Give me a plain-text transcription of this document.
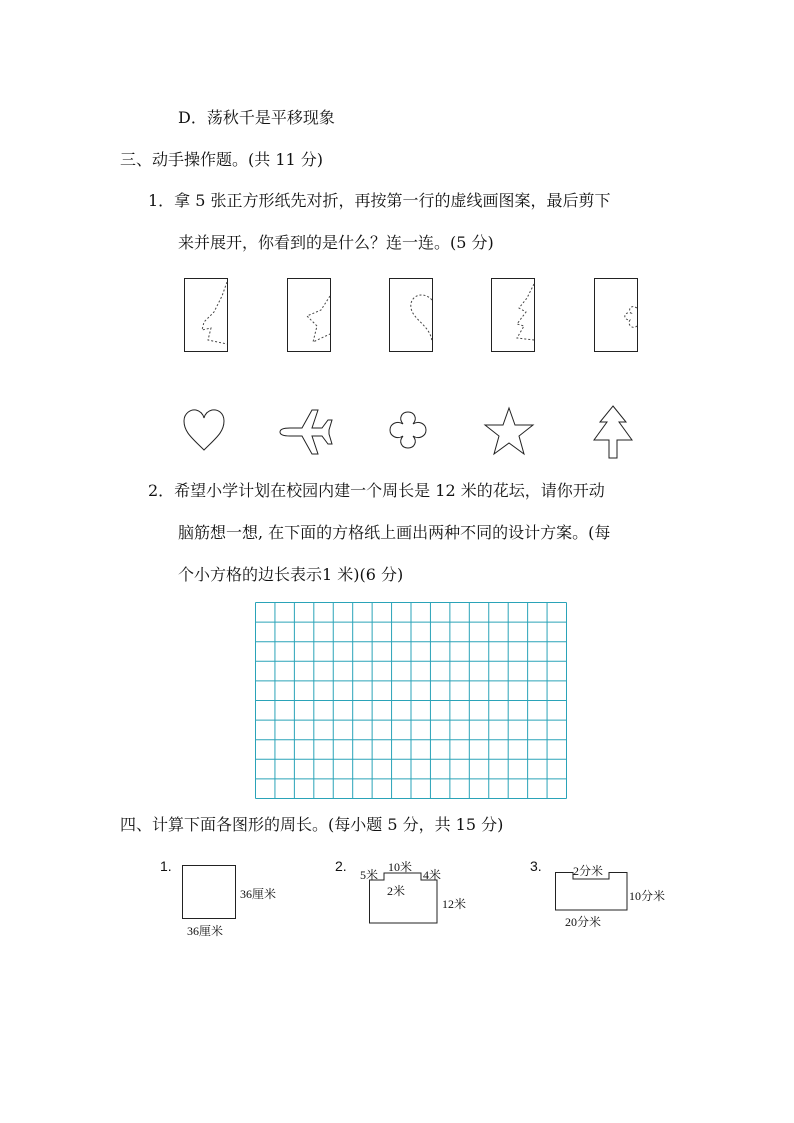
D．荡秋千是平移现象
三、动手操作题。(共 11 分)
1．拿 5 张正方形纸先对折，再按第一行的虚线画图案，最后剪下
来并展开，你看到的是什么？连一连。(5 分)
2．希望小学计划在校园内建一个周长是 12 米的花坛，请你开动
脑筋想一想, 在下面的方格纸上画出两种不同的设计方案。(每
个小方格的边长表示1 米)(6 分)
四、计算下面各图形的周长。(每小题 5 分，共 15 分)
1.
36厘米
36厘米
2.
5米
10米
4米
2米
12米
3.	2分米
10分米
20分米
